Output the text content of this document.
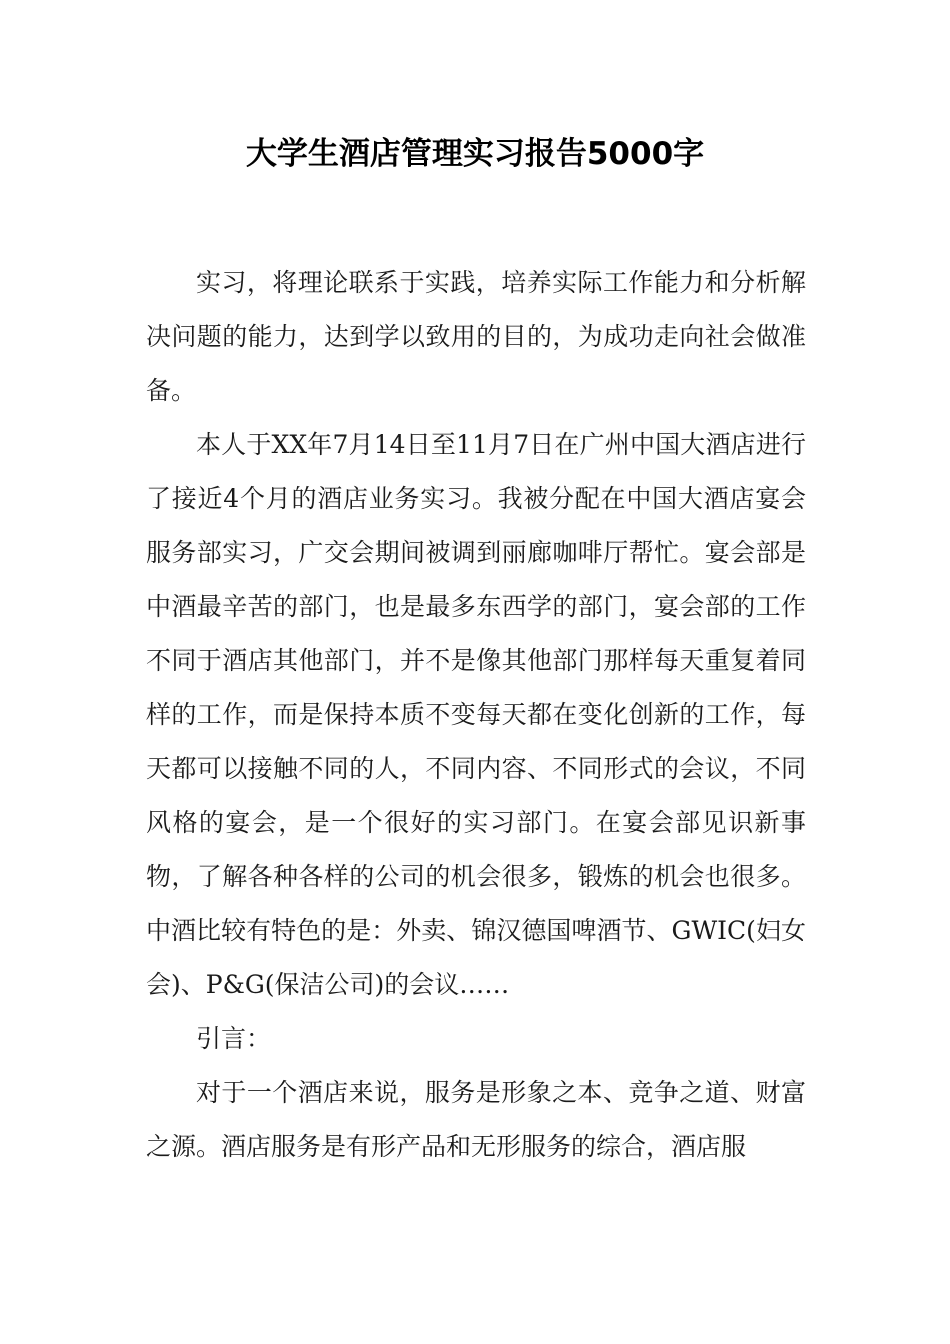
大学生酒店管理实习报告5000字

实习，将理论联系于实践，培养实际工作能力和分析解决问题的能力，达到学以致用的目的，为成功走向社会做准备。

本人于XX年7月14日至11月7日在广州中国大酒店进行了接近4个月的酒店业务实习。我被分配在中国大酒店宴会服务部实习，广交会期间被调到丽廊咖啡厅帮忙。宴会部是中酒最辛苦的部门，也是最多东西学的部门，宴会部的工作不同于酒店其他部门，并不是像其他部门那样每天重复着同样的工作，而是保持本质不变每天都在变化创新的工作，每天都可以接触不同的人，不同内容、不同形式的会议，不同风格的宴会，是一个很好的实习部门。在宴会部见识新事物，了解各种各样的公司的机会很多，锻炼的机会也很多。中酒比较有特色的是：外卖、锦汉德国啤酒节、GWIC(妇女会)、P&G(保洁公司)的会议……

引言：

对于一个酒店来说，服务是形象之本、竞争之道、财富之源。酒店服务是有形产品和无形服务的综合，酒店服
